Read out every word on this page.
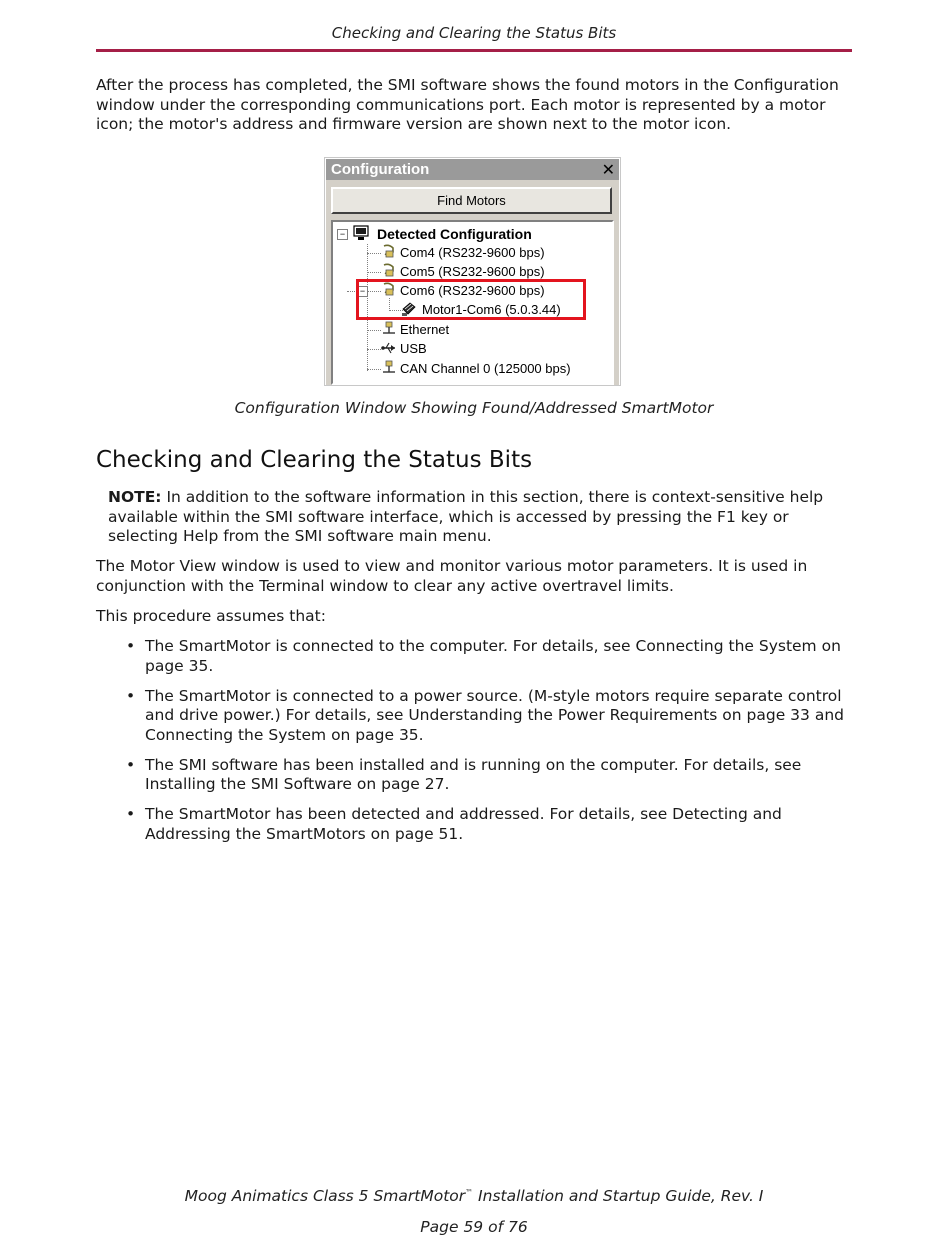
Checking and Clearing the Status Bits

After the process has completed, the SMI software shows the found motors in the Configuration window under the corresponding communications port. Each motor is represented by a motor icon; the motor's address and firmware version are shown next to the motor icon.

Configuration	✕
Find Motors
− Detected Configuration
Com4 (RS232-9600 bps)
Com5 (RS232-9600 bps)
−	Com6 (RS232-9600 bps)
Motor1-Com6 (5.0.3.44)
Ethernet
USB
CAN Channel 0 (125000 bps)
Configuration Window Showing Found/Addressed SmartMotor
Checking and Clearing the Status Bits

NOTE: In addition to the software information in this section, there is context-sensitive help available within the SMI software interface, which is accessed by pressing the F1 key or selecting Help from the SMI software main menu.

The Motor View window is used to view and monitor various motor parameters. It is used in conjunction with the Terminal window to clear any active overtravel limits.

This procedure assumes that:

• The SmartMotor is connected to the computer. For details, see Connecting the System on page 35.
• The SmartMotor is connected to a power source. (M-style motors require separate control and drive power.) For details, see Understanding the Power Requirements on page 33 and Connecting the System on page 35.
• The SMI software has been installed and is running on the computer. For details, see Installing the SMI Software on page 27.
• The SmartMotor has been detected and addressed. For details, see Detecting and Addressing the SmartMotors on page 51.
Moog Animatics Class 5 SmartMotor™ Installation and Startup Guide, Rev. I
Page 59 of 76
